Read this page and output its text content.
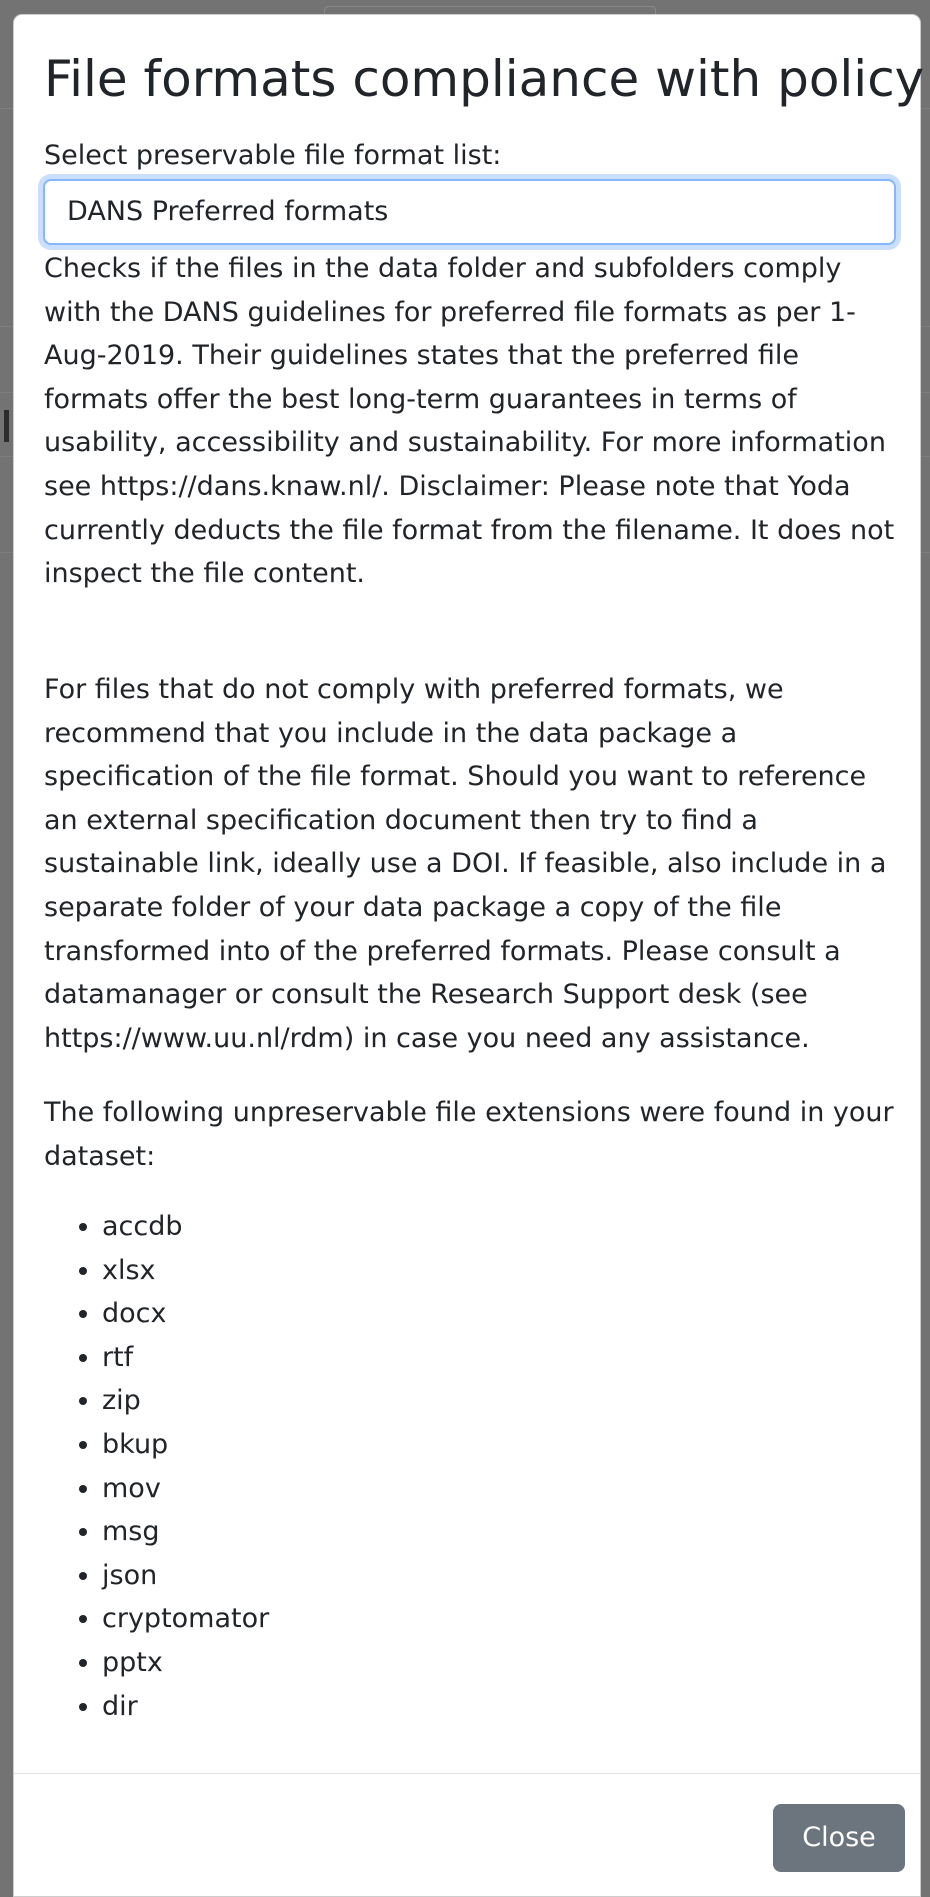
File formats compliance with policy
Select preservable file format list:
DANS Preferred formats

Checks if the files in the data folder and subfolders comply with the DANS guidelines for preferred file formats as per 1-Aug-2019. Their guidelines states that the preferred file formats offer the best long-term guarantees in terms of usability, accessibility and sustainability. For more information see https://dans.knaw.nl/. Disclaimer: Please note that Yoda currently deducts the file format from the filename. It does not inspect the file content.

For files that do not comply with preferred formats, we recommend that you include in the data package a specification of the file format. Should you want to reference an external specification document then try to find a sustainable link, ideally use a DOI. If feasible, also include in a separate folder of your data package a copy of the file transformed into of the preferred formats. Please consult a datamanager or consult the Research Support desk (see https://www.uu.nl/rdm) in case you need any assistance.

The following unpreservable file extensions were found in your dataset:

• accdb
• xlsx
• docx
• rtf
• zip
• bkup
• mov
• msg
• json
• cryptomator
• pptx
• dir
Close
